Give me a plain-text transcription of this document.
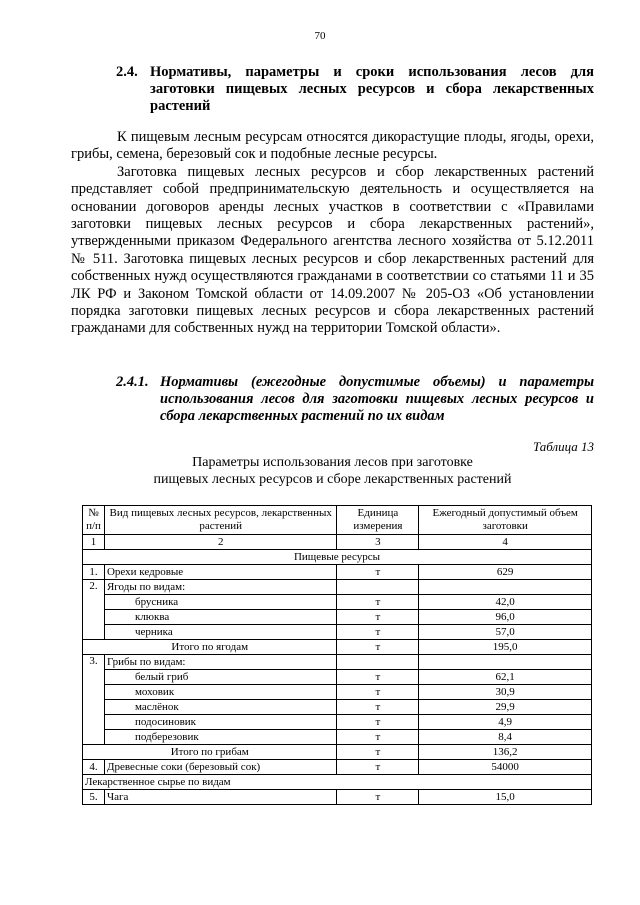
70
2.4. Нормативы, параметры и сроки использования лесов для заготовки пищевых лесных ресурсов и сбора лекарственных растений

К пищевым лесным ресурсам относятся дикорастущие плоды, ягоды, орехи, грибы, семена, березовый сок и подобные лесные ресурсы.

Заготовка пищевых лесных ресурсов и сбор лекарственных растений представляет собой предпринимательскую деятельность и осуществляется на основании договоров аренды лесных участков в соответствии с «Правилами заготовки пищевых лесных ресурсов и сбора лекарственных растений», утвержденными приказом Федерального агентства лесного хозяйства от 5.12.2011 № 511. Заготовка пищевых лесных ресурсов и сбор лекарственных растений для собственных нужд осуществляются гражданами в соответствии со статьями 11 и 35 ЛК РФ и Законом Томской области от 14.09.2007 № 205-ОЗ «Об установлении порядка заготовки пищевых лесных ресурсов и сбора лекарственных растений гражданами для собственных нужд на территории Томской области».

2.4.1. Нормативы (ежегодные допустимые объемы) и параметры использования лесов для заготовки пищевых лесных ресурсов и сбора лекарственных растений по их видам
Таблица 13
Параметры использования лесов при заготовке
пищевых лесных ресурсов и сборе лекарственных растений
№ п/п	Вид пищевых лесных ресурсов, лекарственных растений	Единица измерения	Ежегодный допустимый объем заготовки
1	2	3	4
Пищевые ресурсы			
1.	Орехи кедровые	т	629
2.	Ягоды по видам:		
	брусника	т	42,0
	клюква	т	96,0
	черника	т	57,0
Итого по ягодам		т	195,0
3.	Грибы по видам:		
	белый гриб	т	62,1
	моховик	т	30,9
	маслёнок	т	29,9
	подосиновик	т	4,9
	подберезовик	т	8,4
Итого по грибам		т	136,2
4.	Древесные соки (березовый сок)	т	54000
Лекарственное сырье по видам			
5.	Чага	т	15,0
